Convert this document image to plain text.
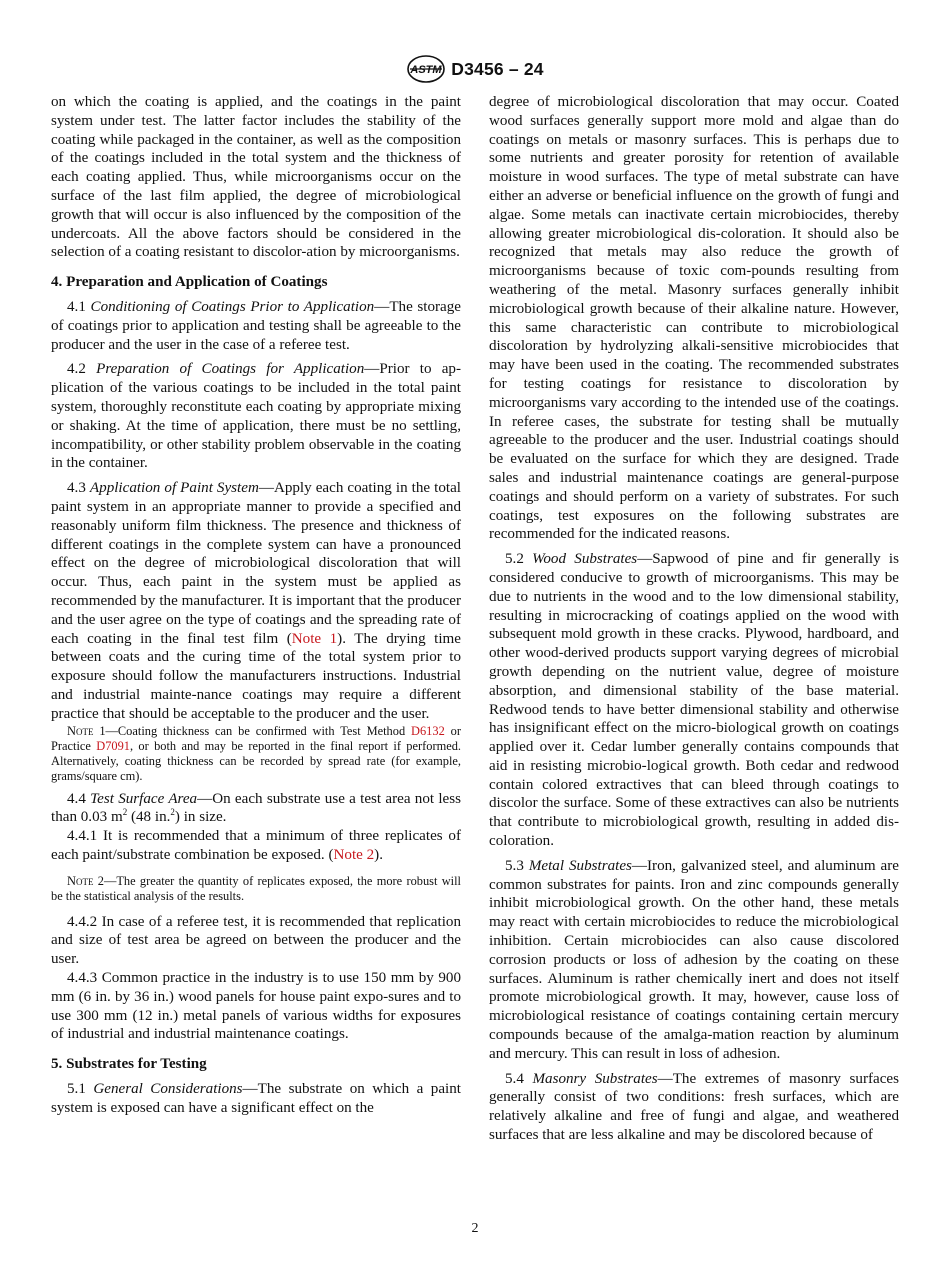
ASTM D3456 – 24

on which the coating is applied, and the coatings in the paint system under test. The latter factor includes the stability of the coating while packaged in the container, as well as the composition of the coatings included in the total system and the thickness of each coating applied. Thus, while microorganisms occur on the surface of the last film applied, the degree of microbiological growth that will occur is also influenced by the composition of the undercoats. All the above factors should be considered in the selection of a coating resistant to discolor-ation by microorganisms.

4. Preparation and Application of Coatings

4.1 Conditioning of Coatings Prior to Application—The storage of coatings prior to application and testing shall be agreeable to the producer and the user in the case of a referee test.

4.2 Preparation of Coatings for Application—Prior to ap-plication of the various coatings to be included in the total paint system, thoroughly reconstitute each coating by appropriate mixing or shaking. At the time of application, there must be no settling, incompatibility, or other stability problem observable in the coating in the container.

4.3 Application of Paint System—Apply each coating in the total paint system in an appropriate manner to provide a specified and reasonably uniform film thickness. The presence and thickness of different coatings in the complete system can have a pronounced effect on the degree of microbiological discoloration that will occur. Thus, each paint in the system must be applied as recommended by the manufacturer. It is important that the producer and the user agree on the type of coatings and the spreading rate of each coating in the final test film (Note 1). The drying time between coats and the curing time of the total system prior to exposure should follow the manufacturers instructions. Industrial and industrial mainte-nance coatings may require a different practice that should be acceptable to the producer and the user.

Note 1—Coating thickness can be confirmed with Test Method D6132 or Practice D7091, or both and may be reported in the final report if performed. Alternatively, coating thickness can be recorded by spread rate (for example, grams/square cm).

4.4 Test Surface Area—On each substrate use a test area not less than 0.03 $m^2$ (48 in.$^2$) in size.

4.4.1 It is recommended that a minimum of three replicates of each paint/substrate combination be exposed. (Note 2).

Note 2—The greater the quantity of replicates exposed, the more robust will be the statistical analysis of the results.

4.4.2 In case of a referee test, it is recommended that replication and size of test area be agreed on between the producer and the user.

4.4.3 Common practice in the industry is to use 150 mm by 900 mm (6 in. by 36 in.) wood panels for house paint expo-sures and to use 300 mm (12 in.) metal panels of various widths for exposures of industrial and industrial maintenance coatings.

5. Substrates for Testing

5.1 General Considerations—The substrate on which a paint system is exposed can have a significant effect on the

degree of microbiological discoloration that may occur. Coated wood surfaces generally support more mold and algae than do coatings on metals or masonry surfaces. This is perhaps due to some nutrients and greater porosity for retention of available moisture in wood surfaces. The type of metal substrate can have either an adverse or beneficial influence on the growth of fungi and algae. Some metals can inactivate certain microbiocides, thereby allowing greater microbiological dis-coloration. It should also be recognized that metals may also reduce the growth of microorganisms because of toxic com-pounds resulting from weathering of the metal. Masonry surfaces generally inhibit microbiological growth because of their alkaline nature. However, this same characteristic can contribute to microbiological discoloration by hydrolyzing alkali-sensitive microbiocides that may have been used in the coating. The recommended substrates for testing coatings for resistance to discoloration by microorganisms vary according to the intended use of the coatings. In referee cases, the substrate for testing shall be mutually agreeable to the producer and the user. Industrial coatings should be evaluated on the surface for which they are designed. Trade sales and industrial maintenance coatings are general-purpose coatings and should perform on a variety of substrates. For such coatings, test exposures on the following substrates are recommended for the indicated reasons.

5.2 Wood Substrates—Sapwood of pine and fir generally is considered conducive to growth of microorganisms. This may be due to nutrients in the wood and to the low dimensional stability, resulting in microcracking of coatings applied on the wood with subsequent mold growth in these cracks. Plywood, hardboard, and other wood-derived products support varying degrees of microbial growth depending on the nutrient value, degree of moisture absorption, and dimensional stability of the base material. Redwood tends to have better dimensional stability and otherwise has insignificant effect on the micro-biological growth on coatings applied over it. Cedar lumber generally contains compounds that aid in resisting microbio-logical growth. Both cedar and redwood contain colored extractives that can bleed through coatings to discolor the surface. Some of these extractives can also be nutrients that contribute to microbiological growth, resulting in added dis-coloration.

5.3 Metal Substrates—Iron, galvanized steel, and aluminum are common substrates for paints. Iron and zinc compounds generally inhibit microbiological growth. On the other hand, these metals may react with certain microbiocides to reduce the microbiological inhibition. Certain microbiocides can also cause discolored corrosion products or loss of adhesion by the coating on these surfaces. Aluminum is rather chemically inert and does not itself promote microbiological growth. It may, however, cause loss of microbiological resistance of coatings containing certain mercury compounds because of the amalga-mation reaction by aluminum and mercury. This can result in loss of adhesion.

5.4 Masonry Substrates—The extremes of masonry surfaces generally consist of two conditions: fresh surfaces, which are relatively alkaline and free of fungi and algae, and weathered surfaces that are less alkaline and may be discolored because of

2
